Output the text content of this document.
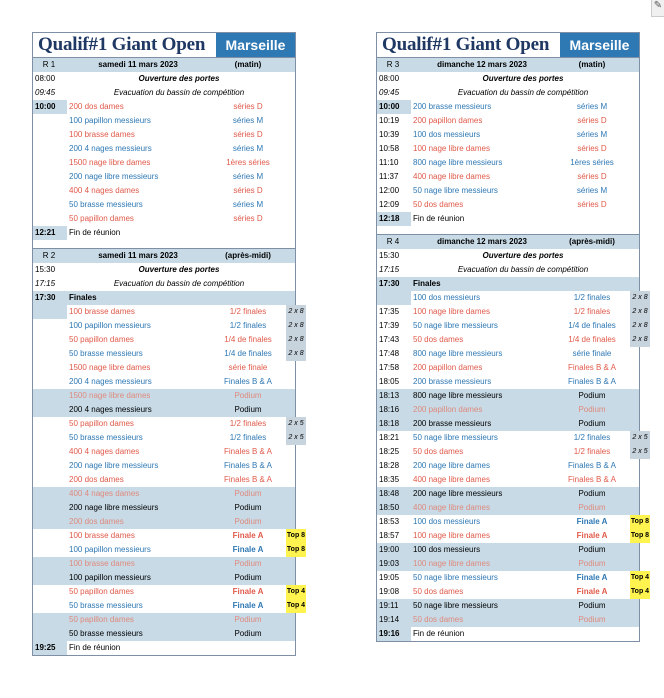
Qualif#1 Giant Open	Marseille
R 1	samedi 11 mars 2023	(matin)
08:00	Ouverture des portes
09:45	Evacuation du bassin de compétition
10:00	200 dos dames	séries D
100 papillon messieurs	séries M
100 brasse dames	séries D
200 4 nages messieurs	séries M
1500 nage libre dames	1ères séries
200 nage libre messieurs	séries M
400 4 nages dames	séries D
50 brasse messieurs	séries M
50 papillon dames	séries D
12:21	Fin de réunion
R 2	samedi 11 mars 2023	(après-midi)
15:30	Ouverture des portes
17:15	Evacuation du bassin de compétition
17:30	Finales

100 brasse dames	1/2 finales	2 x 8
100 papillon messieurs	1/2 finales	2 x 8
50 papillon dames	1/4 de finales	2 x 8
50 brasse messieurs	1/4 de finales	2 x 8
1500 nage libre dames	série finale
200 4 nages messieurs	Finales B & A
1500 nage libre dames	Podium
200 4 nages messieurs	Podium
50 papillon dames	1/2 finales	2 x 5
50 brasse messieurs	1/2 finales	2 x 5
400 4 nages dames	Finales B & A
200 nage libre messieurs	Finales B & A
200 dos dames	Finales B & A
400 4 nages dames	Podium
200 nage libre messieurs	Podium
200 dos dames	Podium
100 brasse dames	Finale A	Top 8
100 papillon messieurs	Finale A	Top 8
100 brasse dames	Podium
100 papillon messieurs	Podium
50 papillon dames	Finale A	Top 4
50 brasse messieurs	Finale A	Top 4
50 papillon dames	Podium
50 brasse messieurs	Podium
19:25	Fin de réunion
Qualif#1 Giant Open	Marseille
R 3	dimanche 12 mars 2023	(matin)
08:00	Ouverture des portes
09:45	Evacuation du bassin de compétition
10:00	200 brasse messieurs	séries M
10:19	200 papillon dames	séries D
10:39	100 dos messieurs	séries M
10:58	100 nage libre dames	séries D
11:10	800 nage libre messieurs	1ères séries
11:37	400 nage libre dames	séries D
12:00	50 nage libre messieurs	séries M
12:09	50 dos dames	séries D
12:18	Fin de réunion
R 4	dimanche 12 mars 2023	(après-midi)
15:30	Ouverture des portes
17:15	Evacuation du bassin de compétition
17:30	Finales

100 dos messieurs	1/2 finales	2 x 8
17:35	100 nage libre dames	1/2 finales	2 x 8
17:39	50 nage libre messieurs	1/4 de finales	2 x 8
17:43	50 dos dames	1/4 de finales	2 x 8
17:48	800 nage libre messieurs	série finale
17:58	200 papillon dames	Finales B & A
18:05	200 brasse messieurs	Finales B & A
18:13	800 nage libre messieurs	Podium
18:16	200 papillon dames	Podium
18:18	200 brasse messieurs	Podium
18:21	50 nage libre messieurs	1/2 finales	2 x 5
18:25	50 dos dames	1/2 finales	2 x 5
18:28	200 nage libre dames	Finales B & A
18:35	400 nage libre dames	Finales B & A
18:48	200 nage libre messieurs	Podium
18:50	400 nage libre dames	Podium
18:53	100 dos messieurs	Finale A	Top 8
18:57	100 nage libre dames	Finale A	Top 8
19:00	100 dos messieurs	Podium
19:03	100 nage libre dames	Podium
19:05	50 nage libre messieurs	Finale A	Top 4
19:08	50 dos dames	Finale A	Top 4
19:11	50 nage libre messieurs	Podium
19:14	50 dos dames	Podium
19:16	Fin de réunion
✎
